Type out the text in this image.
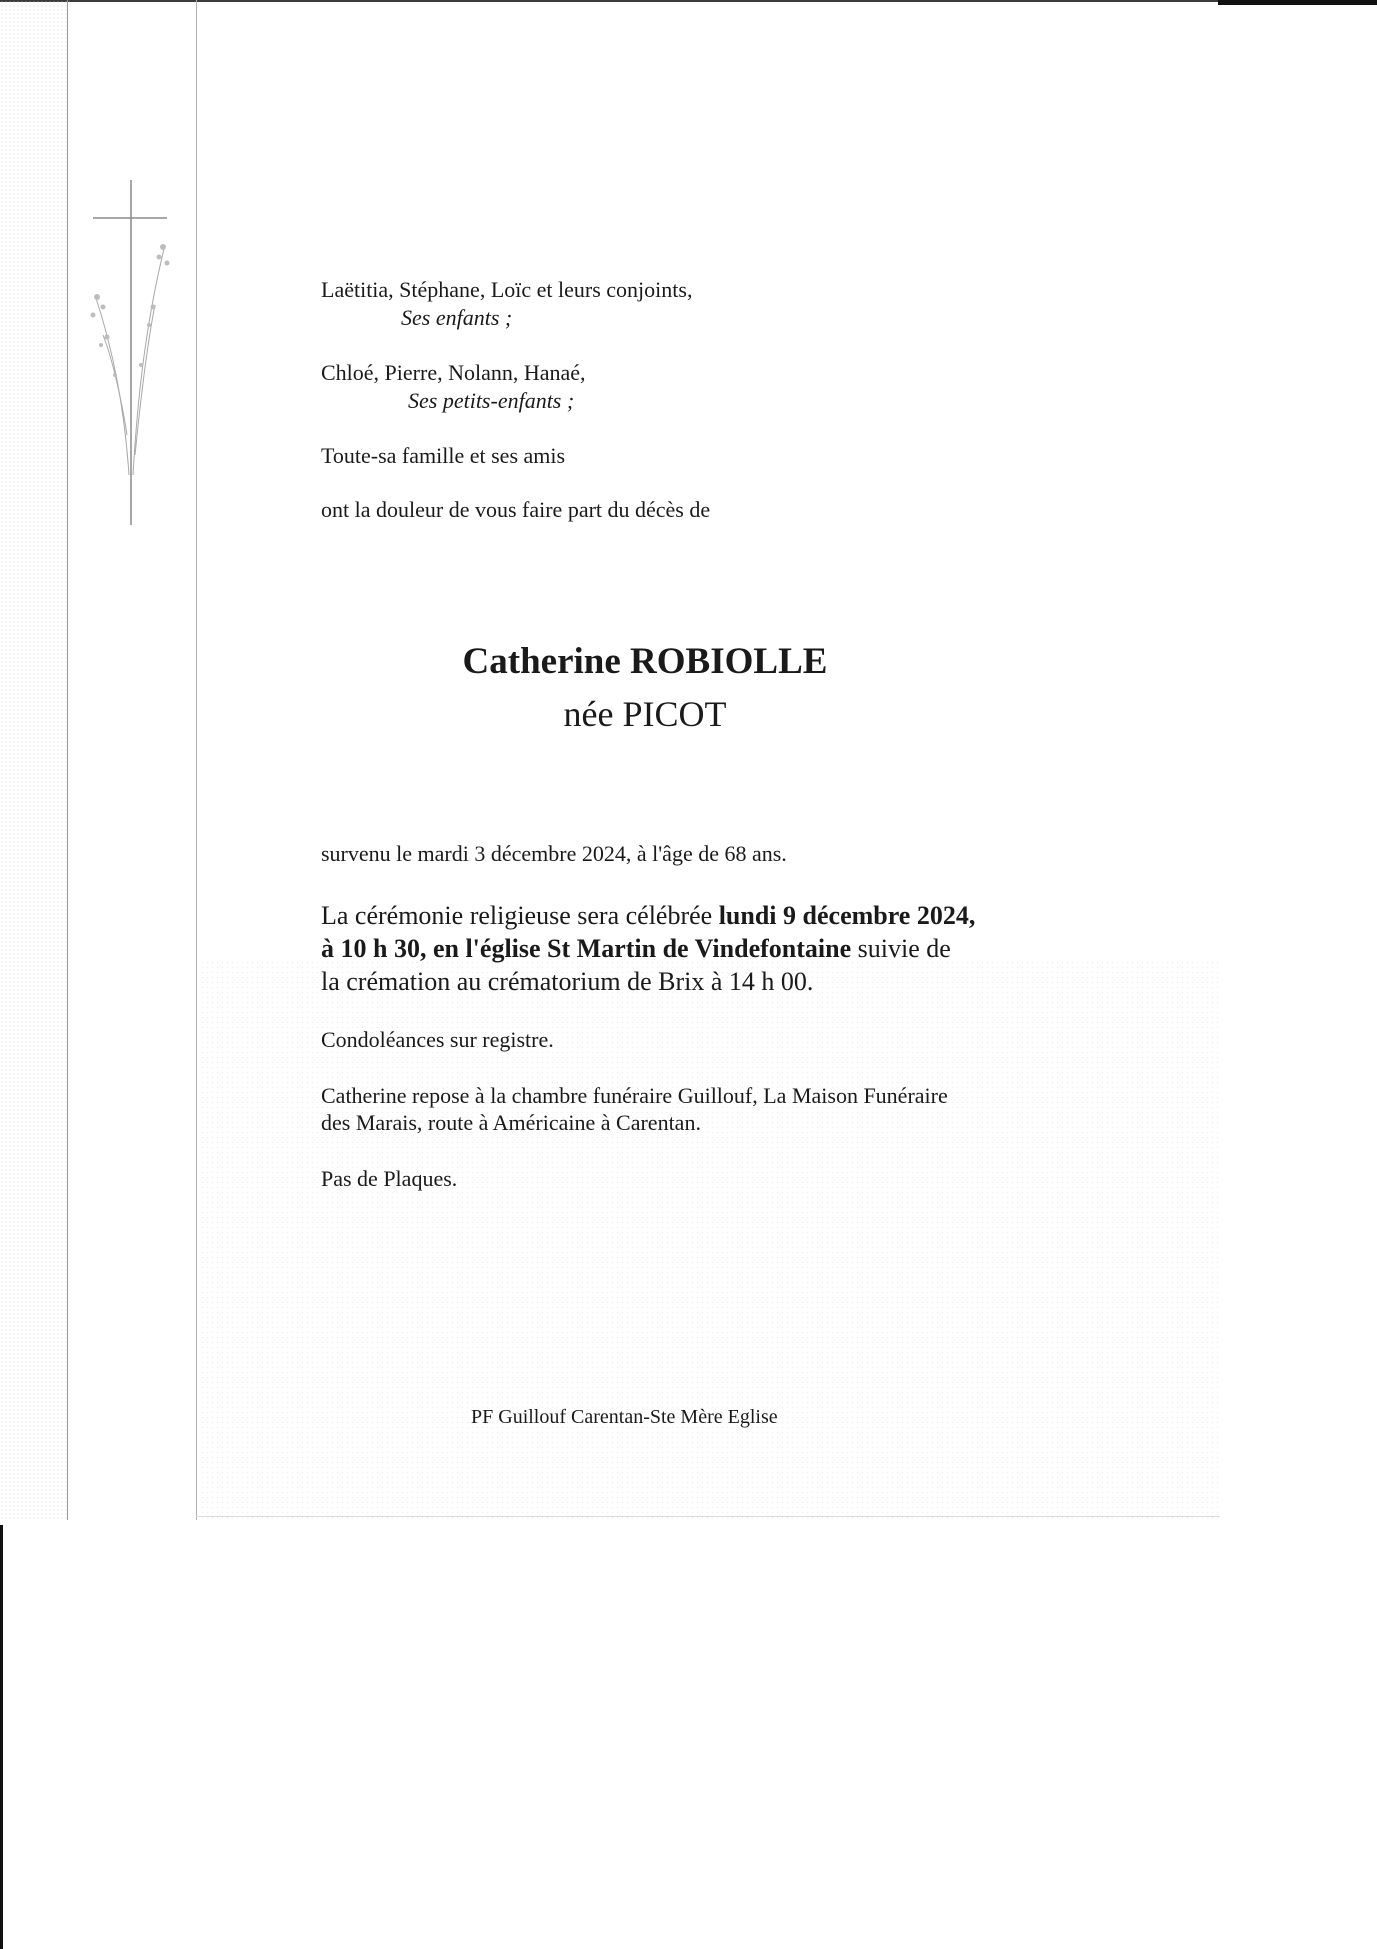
Laëtitia, Stéphane, Loïc et leurs conjoints,
Ses enfants ;
Chloé, Pierre, Nolann, Hanaé,
Ses petits-enfants ;
Toute-sa famille et ses amis
ont la douleur de vous faire part du décès de
Catherine ROBIOLLE
née PICOT
survenu le mardi 3 décembre 2024, à l'âge de 68 ans.
La cérémonie religieuse sera célébrée lundi 9 décembre 2024,
à 10 h 30, en l'église St Martin de Vindefontaine suivie de
la crémation au crématorium de Brix à 14 h 00.
Condoléances sur registre.
Catherine repose à la chambre funéraire Guillouf, La Maison Funéraire
des Marais, route à Américaine à Carentan.
Pas de Plaques.
PF Guillouf Carentan-Ste Mère Eglise
